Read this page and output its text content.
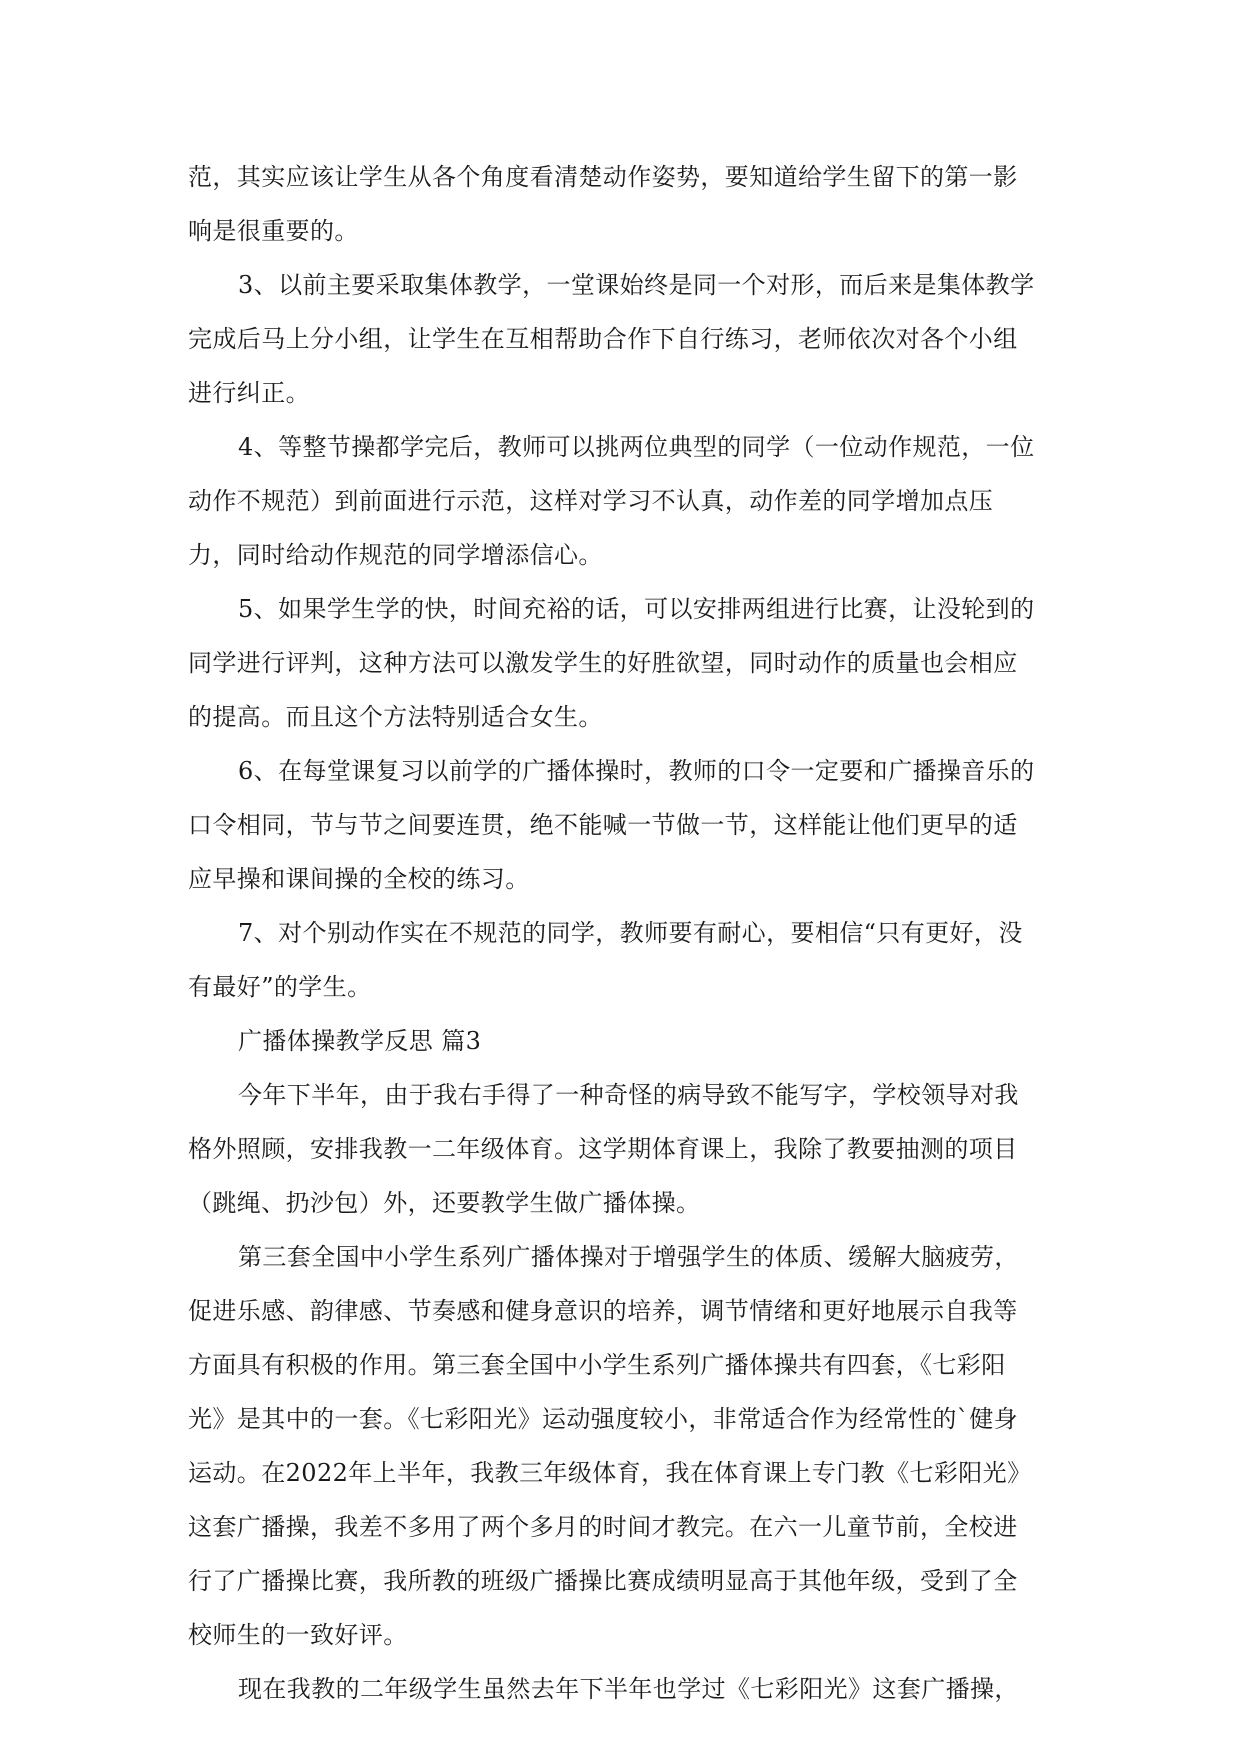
范，其实应该让学生从各个角度看清楚动作姿势，要知道给学生留下的第一影
响是很重要的。
3、以前主要采取集体教学，一堂课始终是同一个对形，而后来是集体教学
完成后马上分小组，让学生在互相帮助合作下自行练习，老师依次对各个小组
进行纠正。
4、等整节操都学完后，教师可以挑两位典型的同学（一位动作规范，一位
动作不规范）到前面进行示范，这样对学习不认真，动作差的同学增加点压
力，同时给动作规范的同学增添信心。
5、如果学生学的快，时间充裕的话，可以安排两组进行比赛，让没轮到的
同学进行评判，这种方法可以激发学生的好胜欲望，同时动作的质量也会相应
的提高。而且这个方法特别适合女生。
6、在每堂课复习以前学的广播体操时，教师的口令一定要和广播操音乐的
口令相同，节与节之间要连贯，绝不能喊一节做一节，这样能让他们更早的适
应早操和课间操的全校的练习。
7、对个别动作实在不规范的同学，教师要有耐心，要相信“只有更好，没
有最好”的学生。
广播体操教学反思 篇3
今年下半年，由于我右手得了一种奇怪的病导致不能写字，学校领导对我
格外照顾，安排我教一二年级体育。这学期体育课上，我除了教要抽测的项目
（跳绳、扔沙包）外，还要教学生做广播体操。
第三套全国中小学生系列广播体操对于增强学生的体质、缓解大脑疲劳，
促进乐感、韵律感、节奏感和健身意识的培养，调节情绪和更好地展示自我等
方面具有积极的作用。第三套全国中小学生系列广播体操共有四套，《七彩阳
光》是其中的一套。《七彩阳光》运动强度较小，非常适合作为经常性的`健身
运动。在2022年上半年，我教三年级体育，我在体育课上专门教《七彩阳光》
这套广播操，我差不多用了两个多月的时间才教完。在六一儿童节前，全校进
行了广播操比赛，我所教的班级广播操比赛成绩明显高于其他年级，受到了全
校师生的一致好评。
现在我教的二年级学生虽然去年下半年也学过《七彩阳光》这套广播操，
